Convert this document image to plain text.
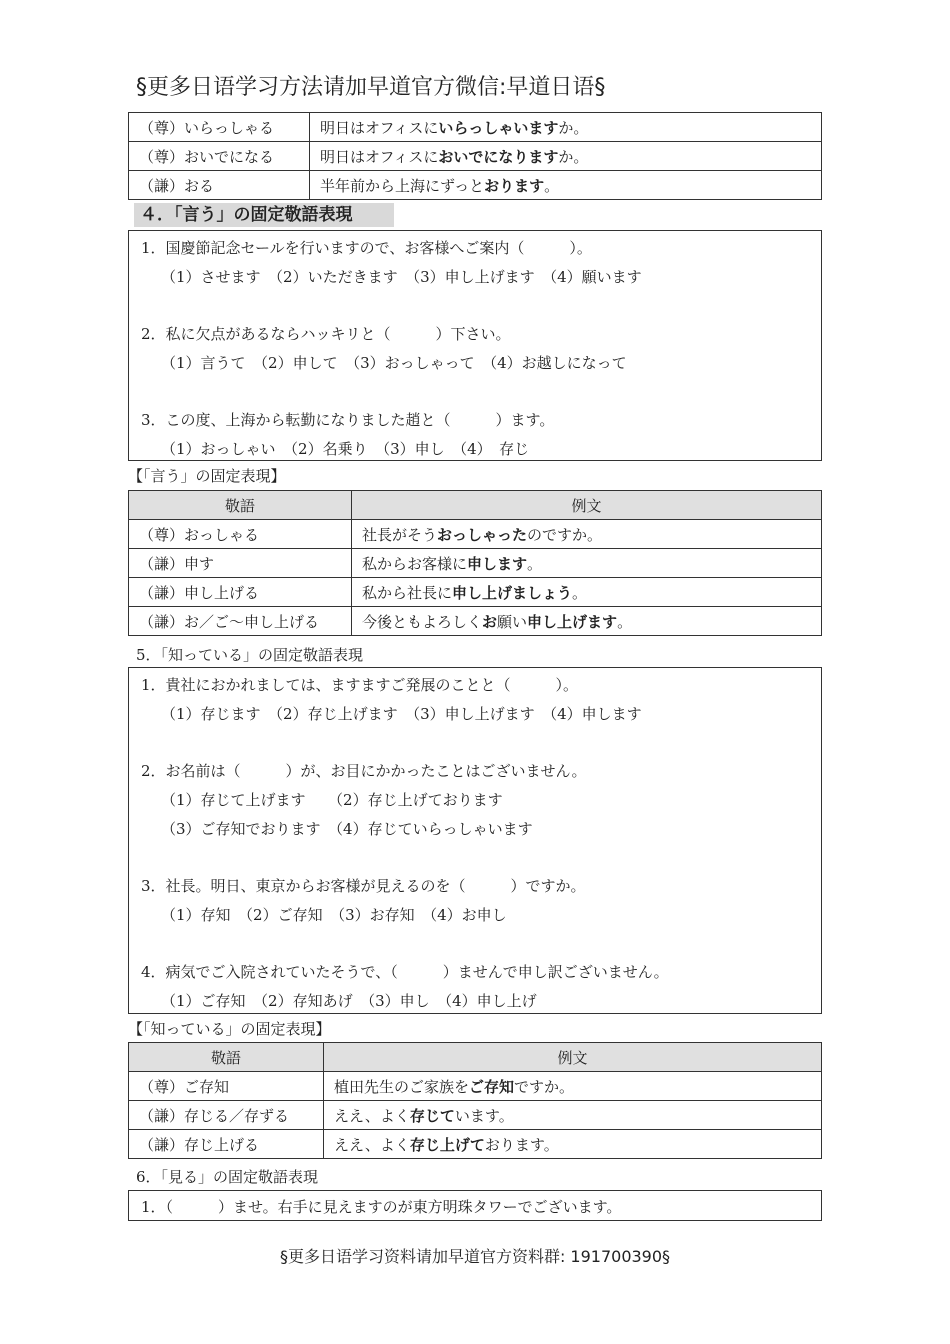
§更多日语学习方法请加早道官方微信:早道日语§
（尊）いらっしゃる	明日はオフィスにいらっしゃいますか。
（尊）おいでになる	明日はオフィスにおいでになりますか。
（謙）おる	半年前から上海にずっとおります。
４．「言う」の固定敬語表現
1．国慶節記念セールを行いますので、お客様へご案内（　　　）。
（1）させます　（2）いただきます　（3）申し上げます　（4）願います
2．私に欠点があるならハッキリと（　　　）下さい。
（1）言うて　（2）申して　（3）おっしゃって　（4）お越しになって
3．この度、上海から転勤になりました趙と（　　　）ます。
（1）おっしゃい　（2）名乗り　（3）申し　（4）　存じ
【「言う」の固定表現】
敬語	例文
（尊）おっしゃる	社長がそうおっしゃったのですか。
（謙）申す	私からお客様に申します。
（謙）申し上げる	私から社長に申し上げましょう。
（謙）お／ご～申し上げる	今後ともよろしくお願い申し上げます。
5．「知っている」の固定敬語表現
1．貴社におかれましては、ますますご発展のことと（　　　）。
（1）存じます　（2）存じ上げます　（3）申し上げます　（4）申します
2．お名前は（　　　）が、お目にかかったことはございません。
（1）存じて上げます　　（2）存じ上げております
（3）ご存知でおります　（4）存じていらっしゃいます
3．社長。明日、東京からお客様が見えるのを（　　　）ですか。
（1）存知　（2）ご存知　（3）お存知　（4）お申し
4．病気でご入院されていたそうで、（　　　）ませんで申し訳ございません。
（1）ご存知　（2）存知あげ　（3）申し　（4）申し上げ
【「知っている」の固定表現】
敬語	例文
（尊）ご存知	植田先生のご家族をご存知ですか。
（謙）存じる／存ずる	ええ、よく存じています。
（謙）存じ上げる	ええ、よく存じ上げております。
6．「見る」の固定敬語表現
1．（　　　）ませ。右手に見えますのが東方明珠タワーでございます。
§更多日语学习资料请加早道官方资料群: 191700390§
